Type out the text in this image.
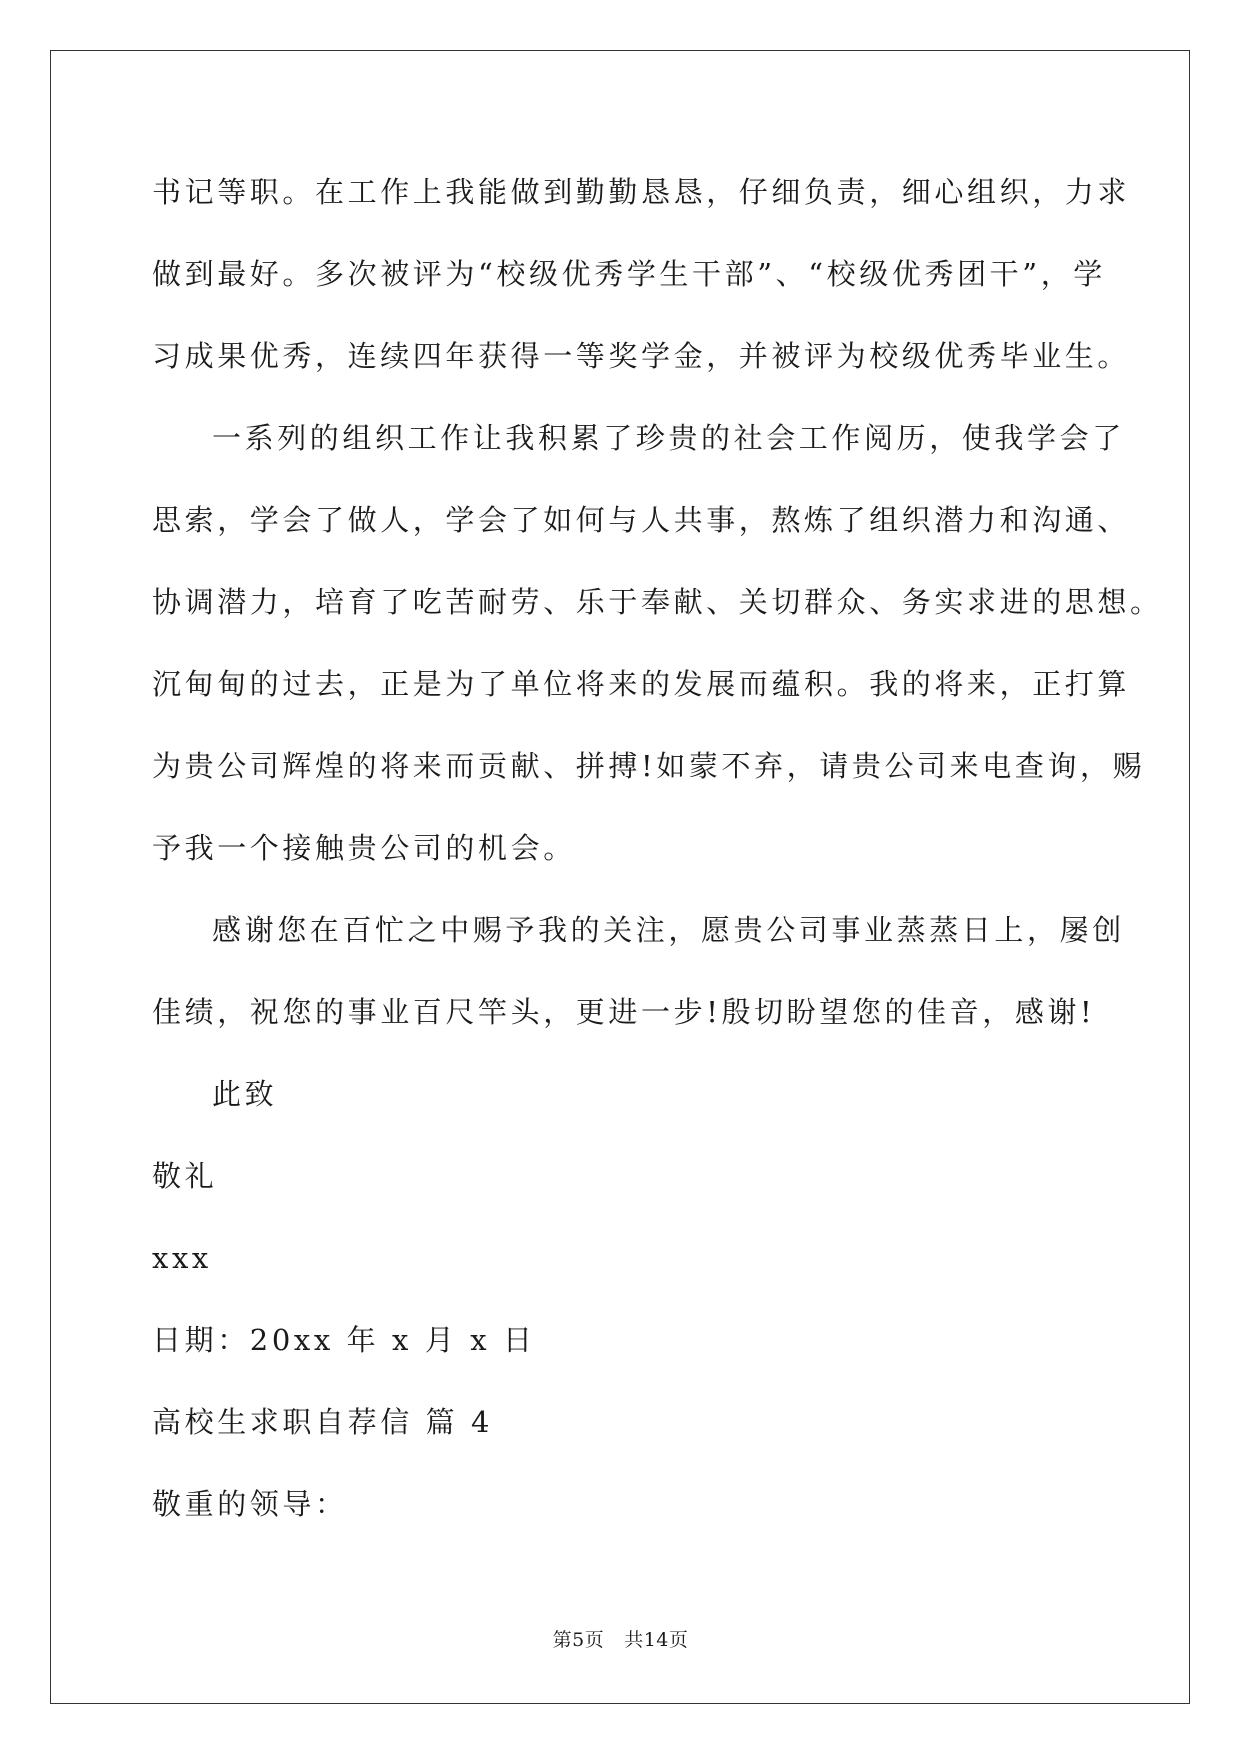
书记等职。在工作上我能做到勤勤恳恳，仔细负责，细心组织，力求
做到最好。多次被评为“校级优秀学生干部”、“校级优秀团干”，学
习成果优秀，连续四年获得一等奖学金，并被评为校级优秀毕业生。
一系列的组织工作让我积累了珍贵的社会工作阅历，使我学会了
思索，学会了做人，学会了如何与人共事，熬炼了组织潜力和沟通、
协调潜力，培育了吃苦耐劳、乐于奉献、关切群众、务实求进的思想。
沉甸甸的过去，正是为了单位将来的发展而蕴积。我的将来，正打算
为贵公司辉煌的将来而贡献、拼搏!如蒙不弃，请贵公司来电查询，赐
予我一个接触贵公司的机会。
感谢您在百忙之中赐予我的关注，愿贵公司事业蒸蒸日上，屡创
佳绩，祝您的事业百尺竿头，更进一步!殷切盼望您的佳音，感谢!
此致
敬礼
xxx
日期：20xx 年 x 月 x 日
高校生求职自荐信 篇 4
敬重的领导：
第5页 共14页
